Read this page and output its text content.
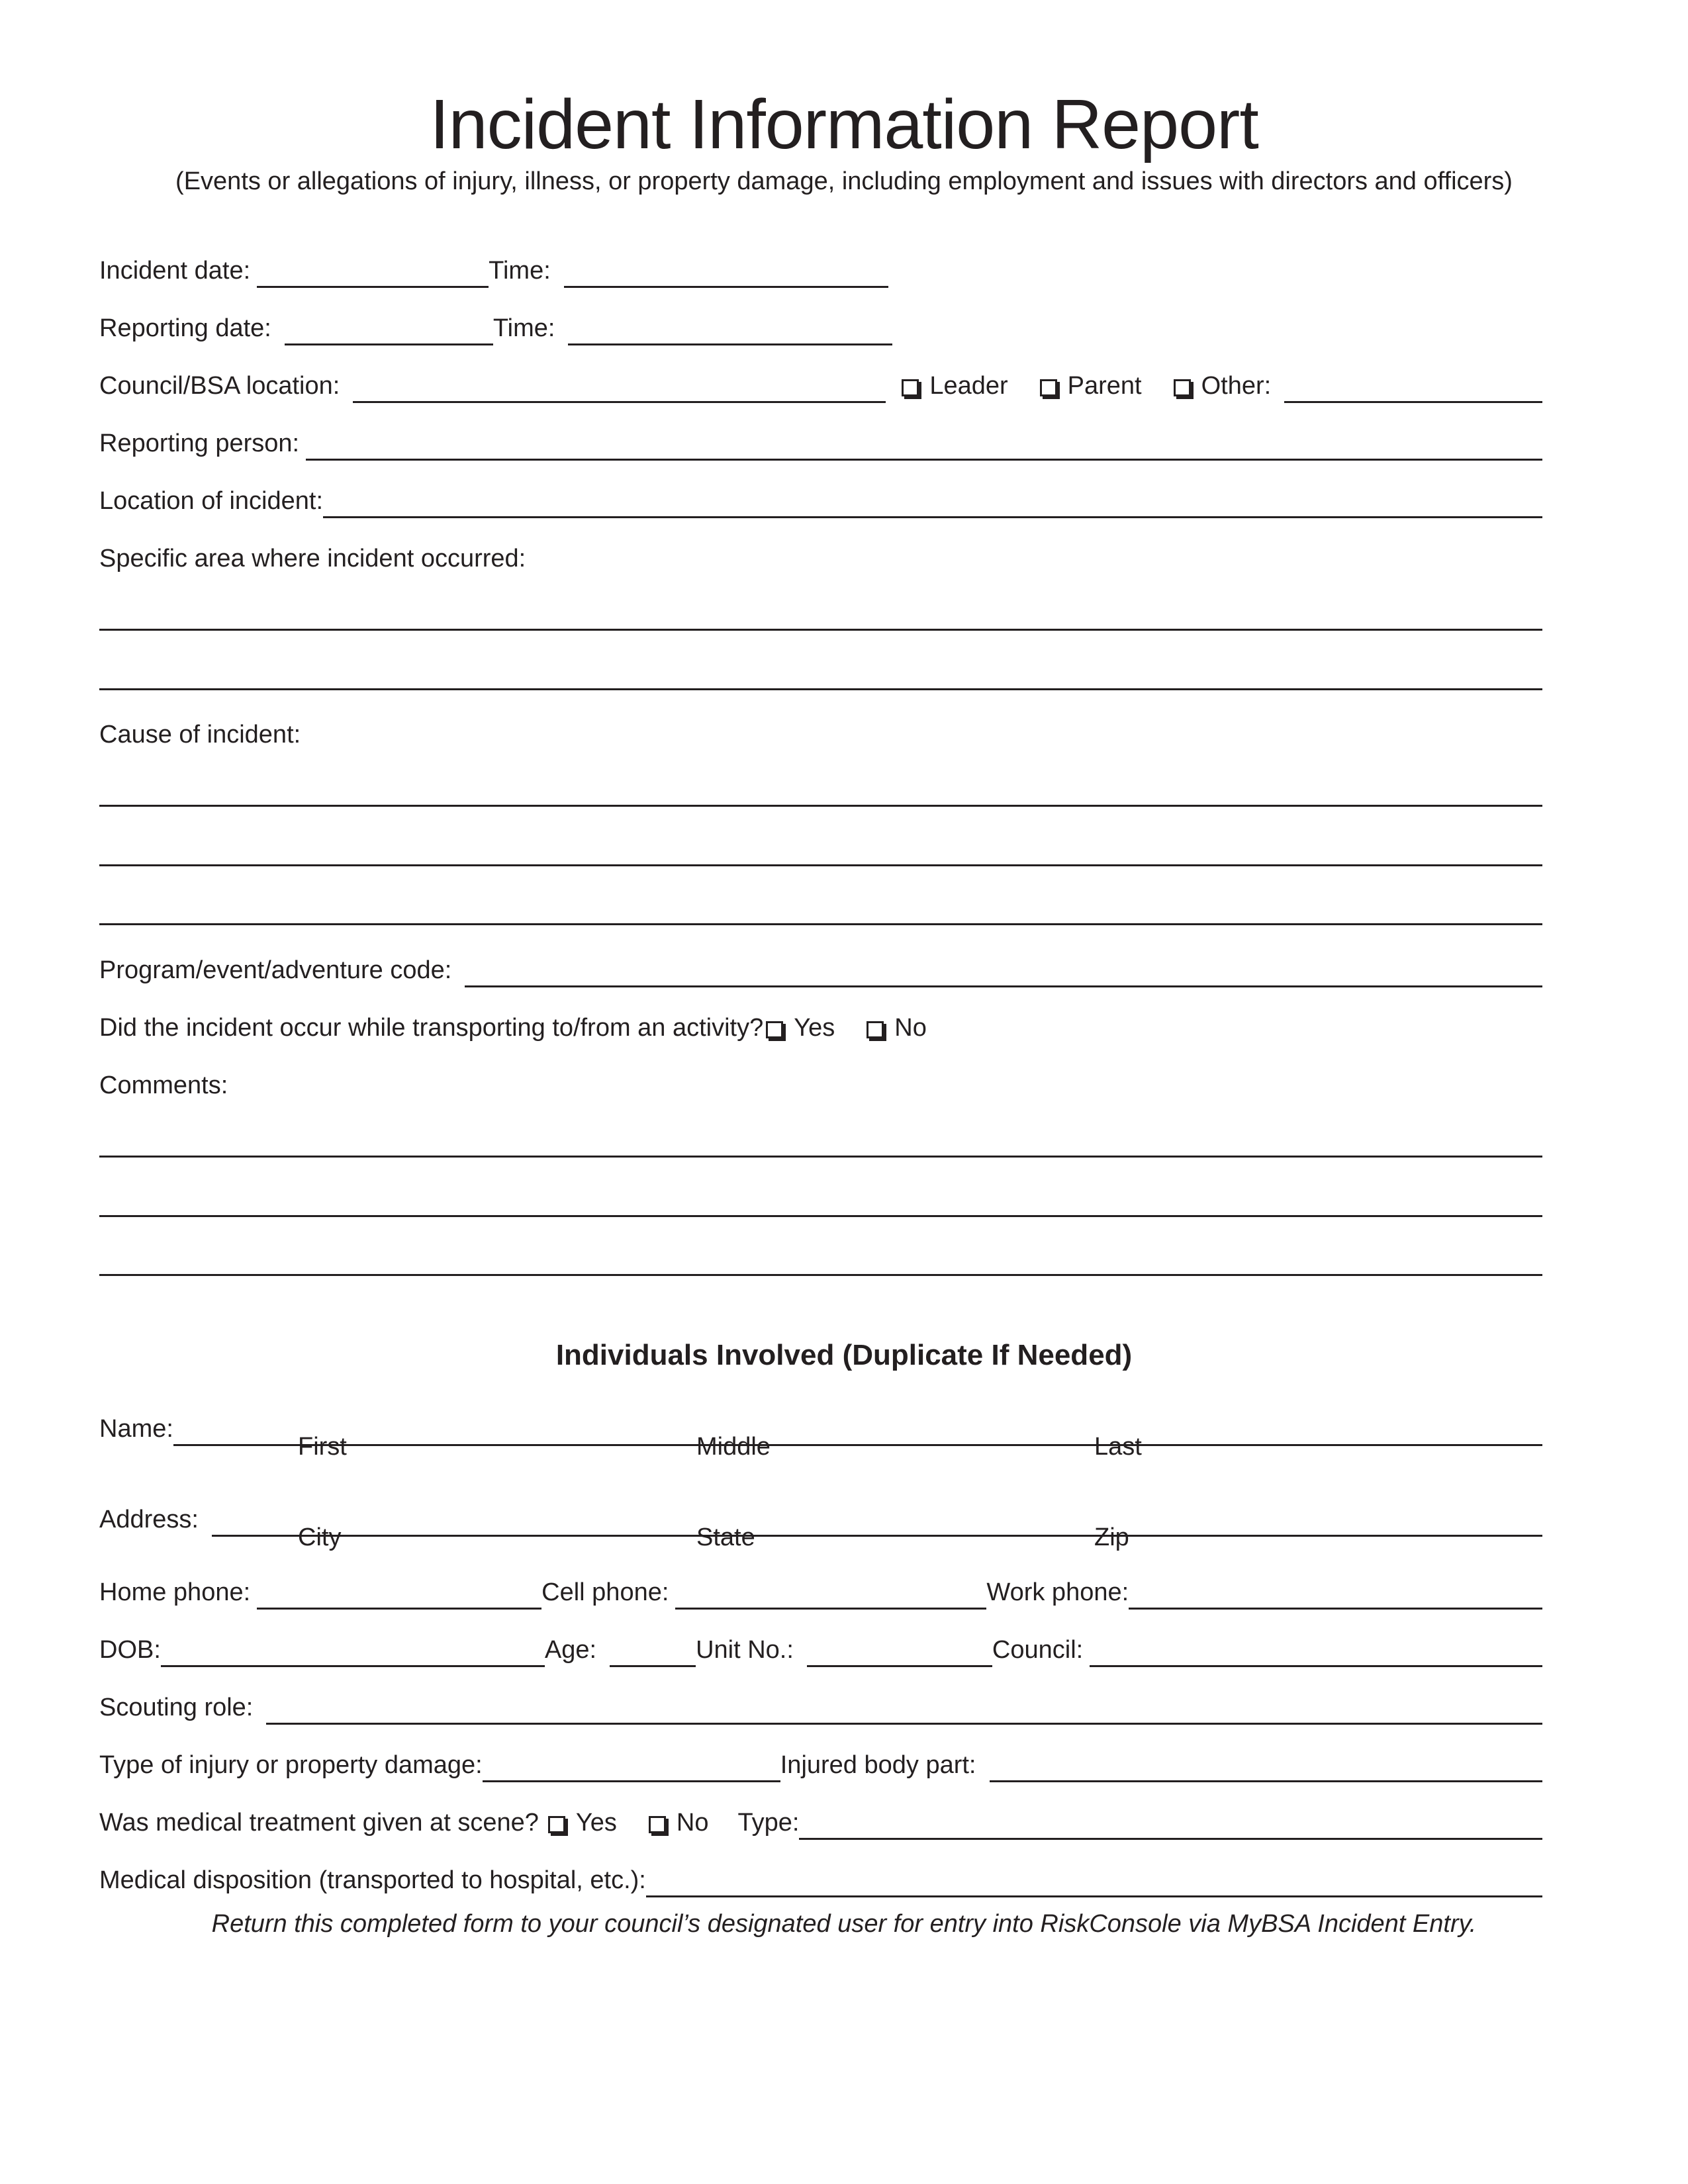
Incident Information Report
(Events or allegations of injury, illness, or property damage, including employment and issues with directors and officers)
Incident date:	Time:
Reporting date:	Time:
Council/BSA location:	Leader Parent Other:
Reporting person:
Location of incident:
Specific area where incident occurred:
Cause of incident:
Program/event/adventure code:
Did the incident occur while transporting to/from an activity? Yes No
Comments:
Individuals Involved (Duplicate If Needed)
Name:
First	Middle	Last
Address:
City	State	Zip
Home phone:	Cell phone:	Work phone:
DOB:	Age:	Unit No.:	Council:
Scouting role:
Type of injury or property damage:	Injured body part:
Was medical treatment given at scene? Yes No Type:
Medical disposition (transported to hospital, etc.):
Return this completed form to your council’s designated user for entry into RiskConsole via MyBSA Incident Entry.
